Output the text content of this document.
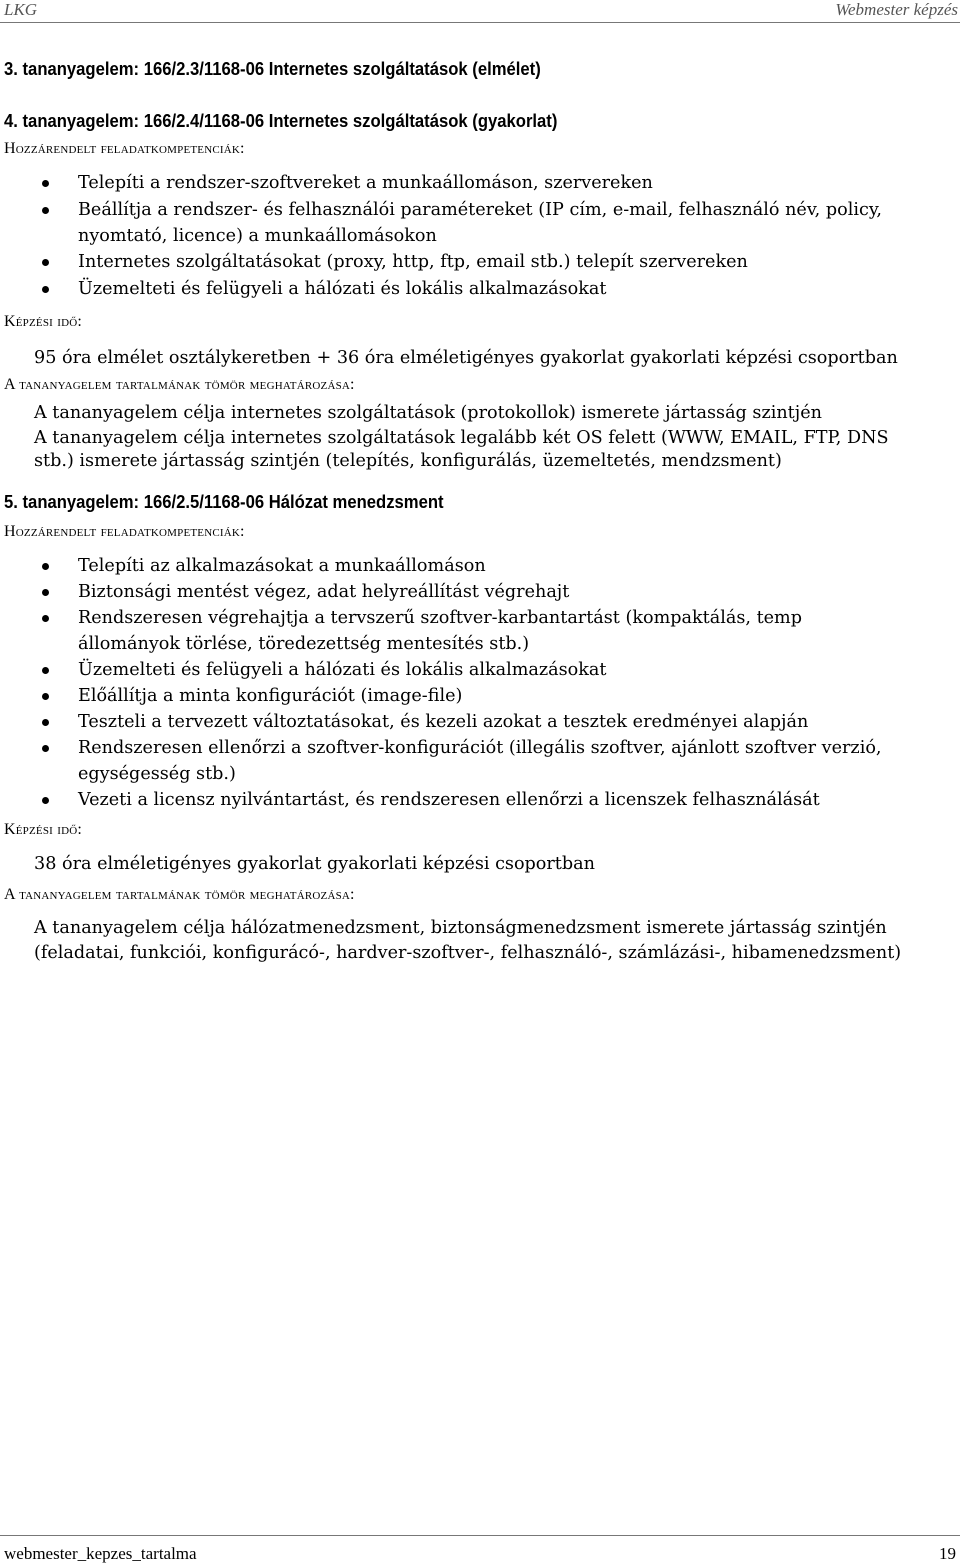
LKG	Webmester képzés

3. tananyagelem: 166/2.3/1168-06 Internetes szolgáltatások (elmélet)

4. tananyagelem: 166/2.4/1168-06 Internetes szolgáltatások (gyakorlat)

Hozzárendelt feladatkompetenciák:

Telepíti a rendszer-szoftvereket a munkaállomáson, szervereken
Beállítja a rendszer- és felhasználói paramétereket (IP cím, e-mail, felhasználó név, policy, nyomtató, licence) a munkaállomásokon
Internetes szolgáltatásokat (proxy, http, ftp, email stb.) telepít szervereken
Üzemelteti és felügyeli a hálózati és lokális alkalmazásokat

Képzési idő:

95 óra elmélet osztálykeretben + 36 óra elméletigényes gyakorlat gyakorlati képzési csoportban

A tananyagelem tartalmának tömör meghatározása:

A tananyagelem célja internetes szolgáltatások (protokollok) ismerete jártasság szintjén

A tananyagelem célja internetes szolgáltatások legalább két OS felett (WWW, EMAIL, FTP, DNS stb.) ismerete jártasság szintjén (telepítés, konfigurálás, üzemeltetés, mendzsment)

5. tananyagelem: 166/2.5/1168-06 Hálózat menedzsment

Hozzárendelt feladatkompetenciák:

Telepíti az alkalmazásokat a munkaállomáson
Biztonsági mentést végez, adat helyreállítást végrehajt
Rendszeresen végrehajtja a tervszerű szoftver-karbantartást (kompaktálás, temp állományok törlése, töredezettség mentesítés stb.)
Üzemelteti és felügyeli a hálózati és lokális alkalmazásokat
Előállítja a minta konfigurációt (image-file)
Teszteli a tervezett változtatásokat, és kezeli azokat a tesztek eredményei alapján
Rendszeresen ellenőrzi a szoftver-konfigurációt (illegális szoftver, ajánlott szoftver verzió, egységesség stb.)
Vezeti a licensz nyilvántartást, és rendszeresen ellenőrzi a licenszek felhasználását

Képzési idő:

38 óra elméletigényes gyakorlat gyakorlati képzési csoportban

A tananyagelem tartalmának tömör meghatározása:

A tananyagelem célja hálózatmenedzsment, biztonságmenedzsment ismerete jártasság szintjén (feladatai, funkciói, konfigurácó-, hardver-szoftver-, felhasználó-, számlázási-, hibamenedzsment)

webmester_kepzes_tartalma	19
